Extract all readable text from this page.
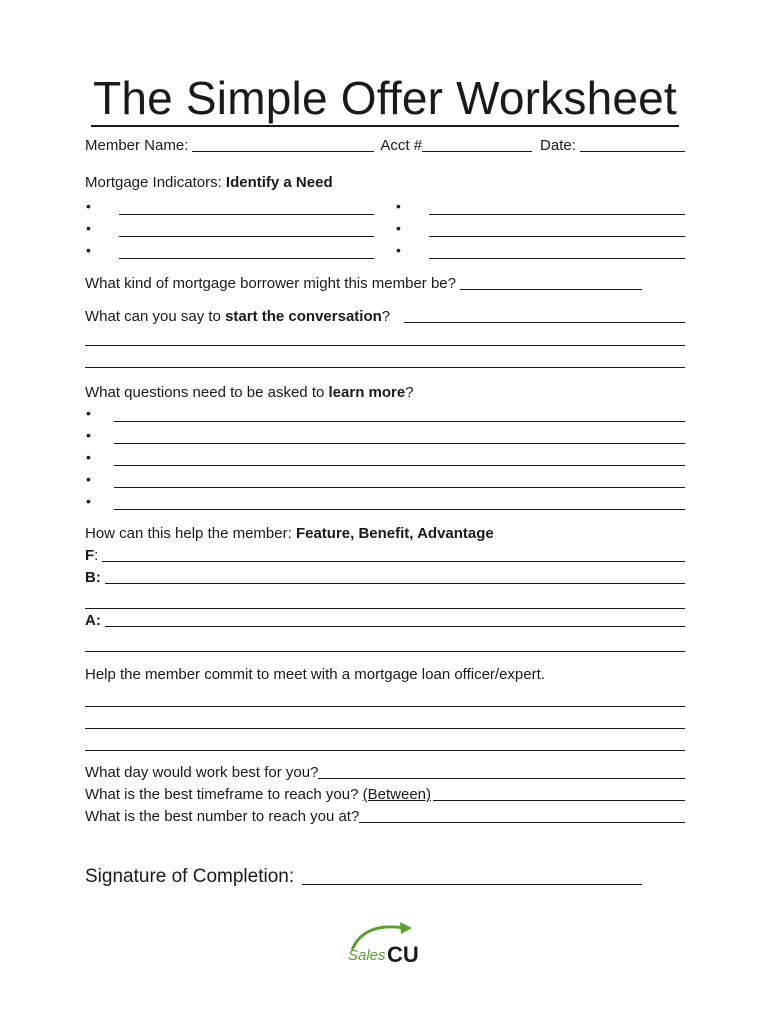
The Simple Offer Worksheet
Member Name:	Acct #	Date:
Mortgage Indicators:
Identify a Need
•	•
•	•
•	•
What kind of mortgage borrower might this member be?
What can you say to
start the conversation ?
What questions need to be asked to
learn more ?
•
•
•
•
•
How can this help the member:
Feature, Benefit, Advantage
F :
B:
A:
Help the member commit to meet with a mortgage loan officer/expert.
What day would work best for you?
What is the best timeframe to reach you?
(Between)
What is the best number to reach you at?
Signature of Completion:
Sales CU
